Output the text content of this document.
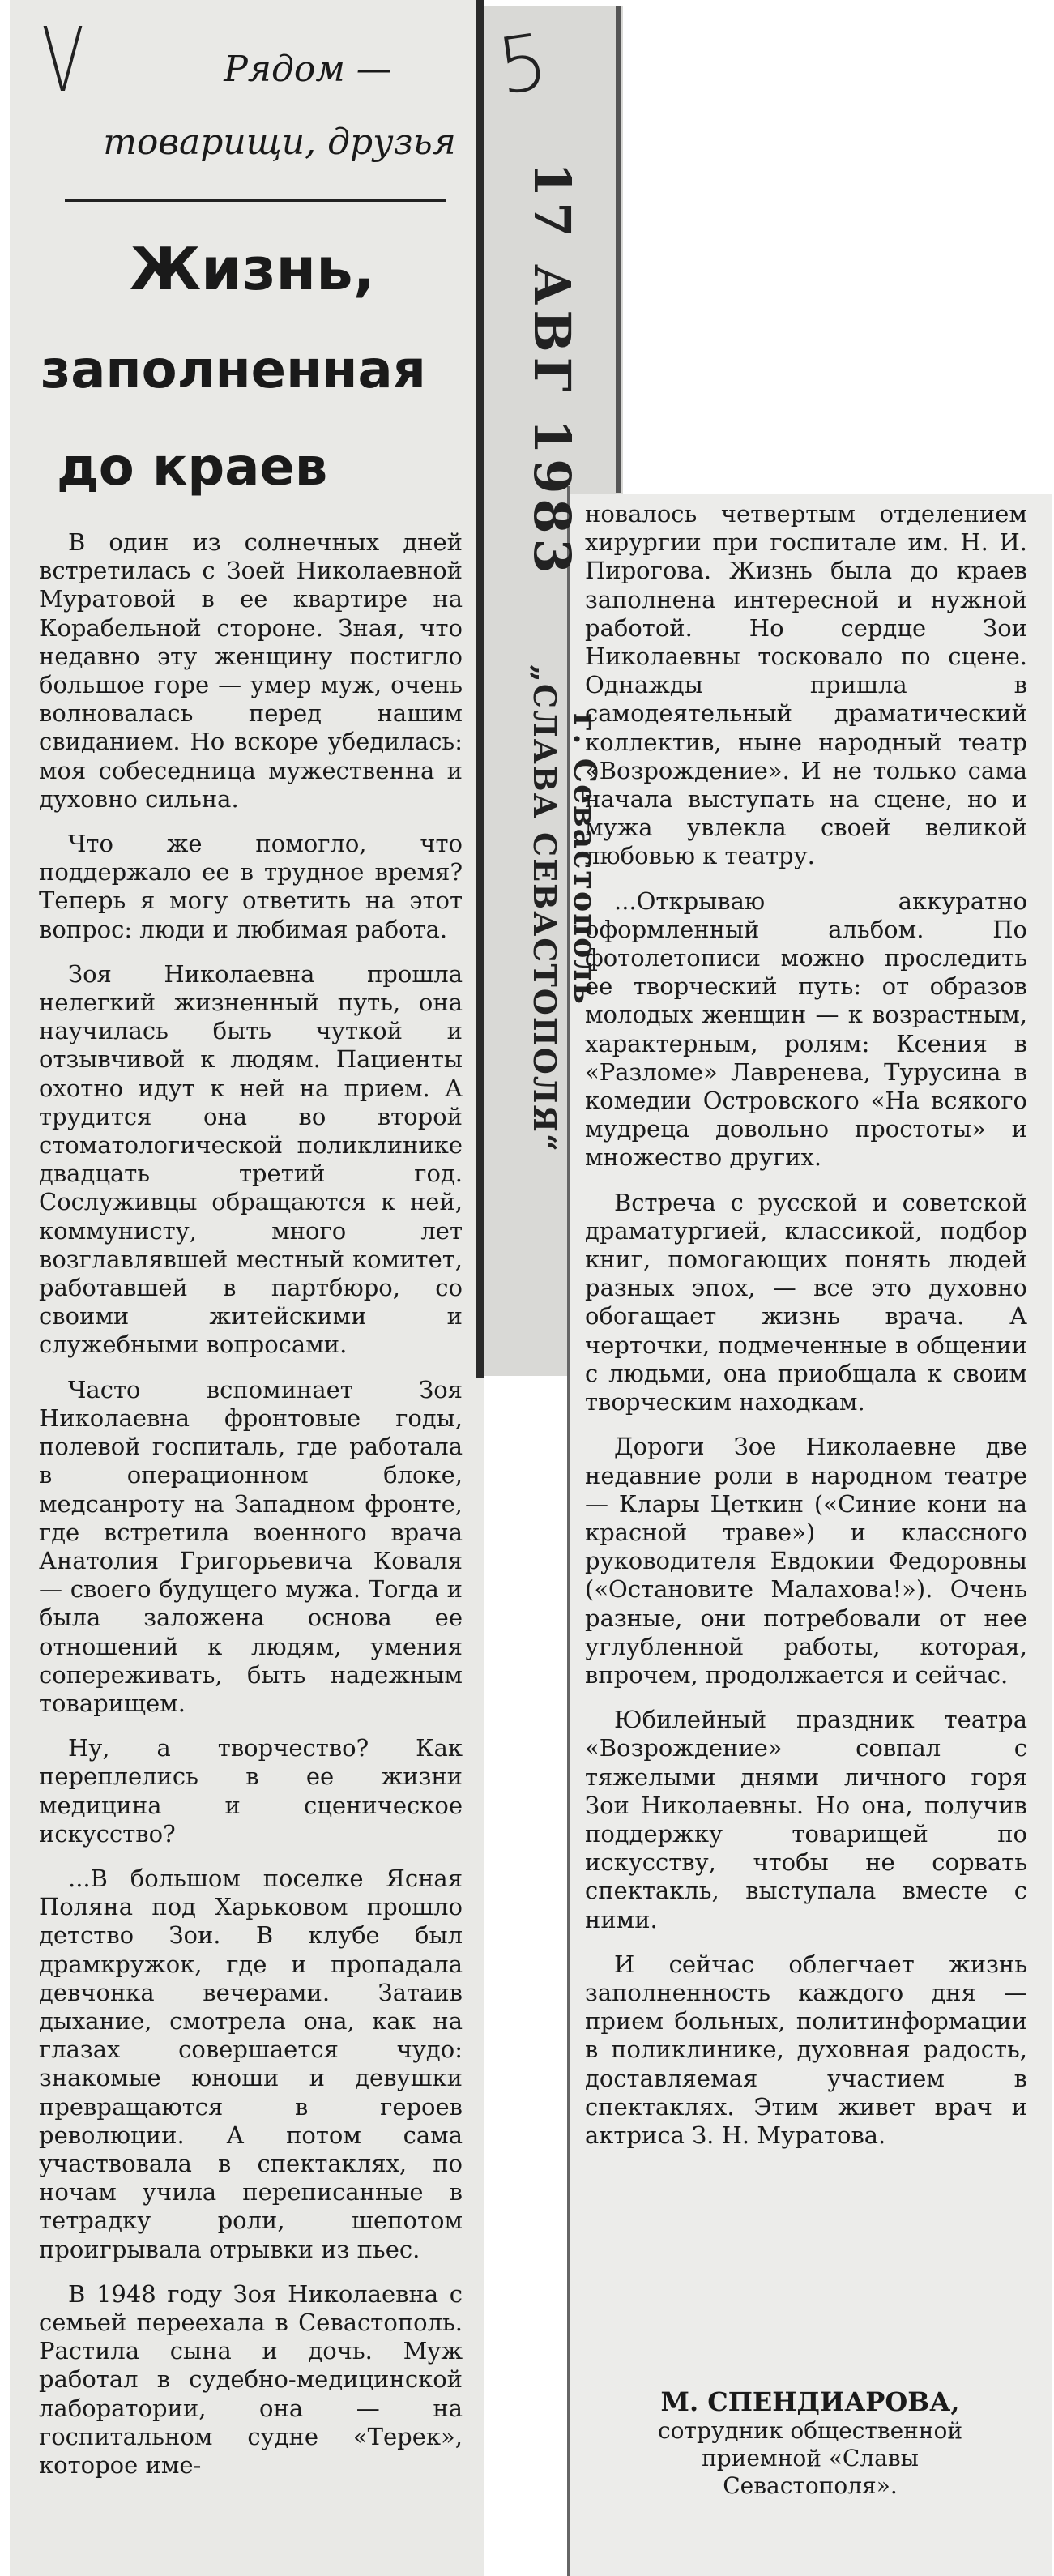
V	5
Рядом —
товарищи, друзья
Жизнь,
заполненная
до краев	17 АВГ 1983
„СЛАВА СЕВАСТОПОЛЯ“ г. Севастополь

В один из солнечных дней встретилась с Зоей Николаевной Муратовой в ее квартире на Корабельной стороне. Зная, что недавно эту женщину постигло большое горе — умер муж, очень волновалась перед нашим свиданием. Но вскоре убедилась: моя собеседница мужественна и духовно сильна.

Что же помогло, что поддержало ее в трудное время? Теперь я могу ответить на этот вопрос: люди и любимая работа.

Зоя Николаевна прошла нелегкий жизненный путь, она научилась быть чуткой и отзывчивой к людям. Пациенты охотно идут к ней на прием. А трудится она во второй стоматологической поликлинике двадцать третий год. Сослуживцы обращаются к ней, коммунисту, много лет возглавлявшей местный комитет, работавшей в партбюро, со своими житейскими и служебными вопросами.

Часто вспоминает Зоя Николаевна фронтовые годы, полевой госпиталь, где работала в операционном блоке, медсанроту на Западном фронте, где встретила военного врача Анатолия Григорьевича Коваля — своего будущего мужа. Тогда и была заложена основа ее отношений к людям, умения сопереживать, быть надежным товарищем.

Ну, а творчество? Как переплелись в ее жизни медицина и сценическое искусство?

...В большом поселке Ясная Поляна под Харьковом прошло детство Зои. В клубе был драмкружок, где и пропадала девчонка вечерами. Затаив дыхание, смотрела она, как на глазах совершается чудо: знакомые юноши и девушки превращаются в героев революции. А потом сама участвовала в спектаклях, по ночам учила переписанные в тетрадку роли, шепотом проигрывала отрывки из пьес.

В 1948 году Зоя Николаевна с семьей переехала в Севастополь. Растила сына и дочь. Муж работал в судебно-медицинской лаборатории, она — на госпитальном судне «Терек», которое име-

новалось четвертым отделением хирургии при госпитале им. Н. И. Пирогова. Жизнь была до краев заполнена интересной и нужной работой. Но сердце Зои Николаевны тосковало по сцене. Однажды пришла в самодеятельный драматический коллектив, ныне народный театр «Возрождение». И не только сама начала выступать на сцене, но и мужа увлекла своей великой любовью к театру.

...Открываю аккуратно оформленный альбом. По фотолетописи можно проследить ее творческий путь: от образов молодых женщин — к возрастным, характерным, ролям: Ксения в «Разломе» Лавренева, Турусина в комедии Островского «На всякого мудреца довольно простоты» и множество других.

Встреча с русской и советской драматургией, классикой, подбор книг, помогающих понять людей разных эпох, — все это духовно обогащает жизнь врача. А черточки, подмеченные в общении с людьми, она приобщала к своим творческим находкам.

Дороги Зое Николаевне две недавние роли в народном театре — Клары Цеткин («Синие кони на красной траве») и классного руководителя Евдокии Федоровны («Остановите Малахова!»). Очень разные, они потребовали от нее углубленной работы, которая, впрочем, продолжается и сейчас.

Юбилейный праздник театра «Возрождение» совпал с тяжелыми днями личного горя Зои Николаевны. Но она, получив поддержку товарищей по искусству, чтобы не сорвать спектакль, выступала вместе с ними.

И сейчас облегчает жизнь заполненность каждого дня — прием больных, политинформации в поликлинике, духовная радость, доставляемая участием в спектаклях. Этим живет врач и актриса З. Н. Муратова.

М. СПЕНДИАРОВА,
сотрудник общественной
приемной «Славы Севастополя».
